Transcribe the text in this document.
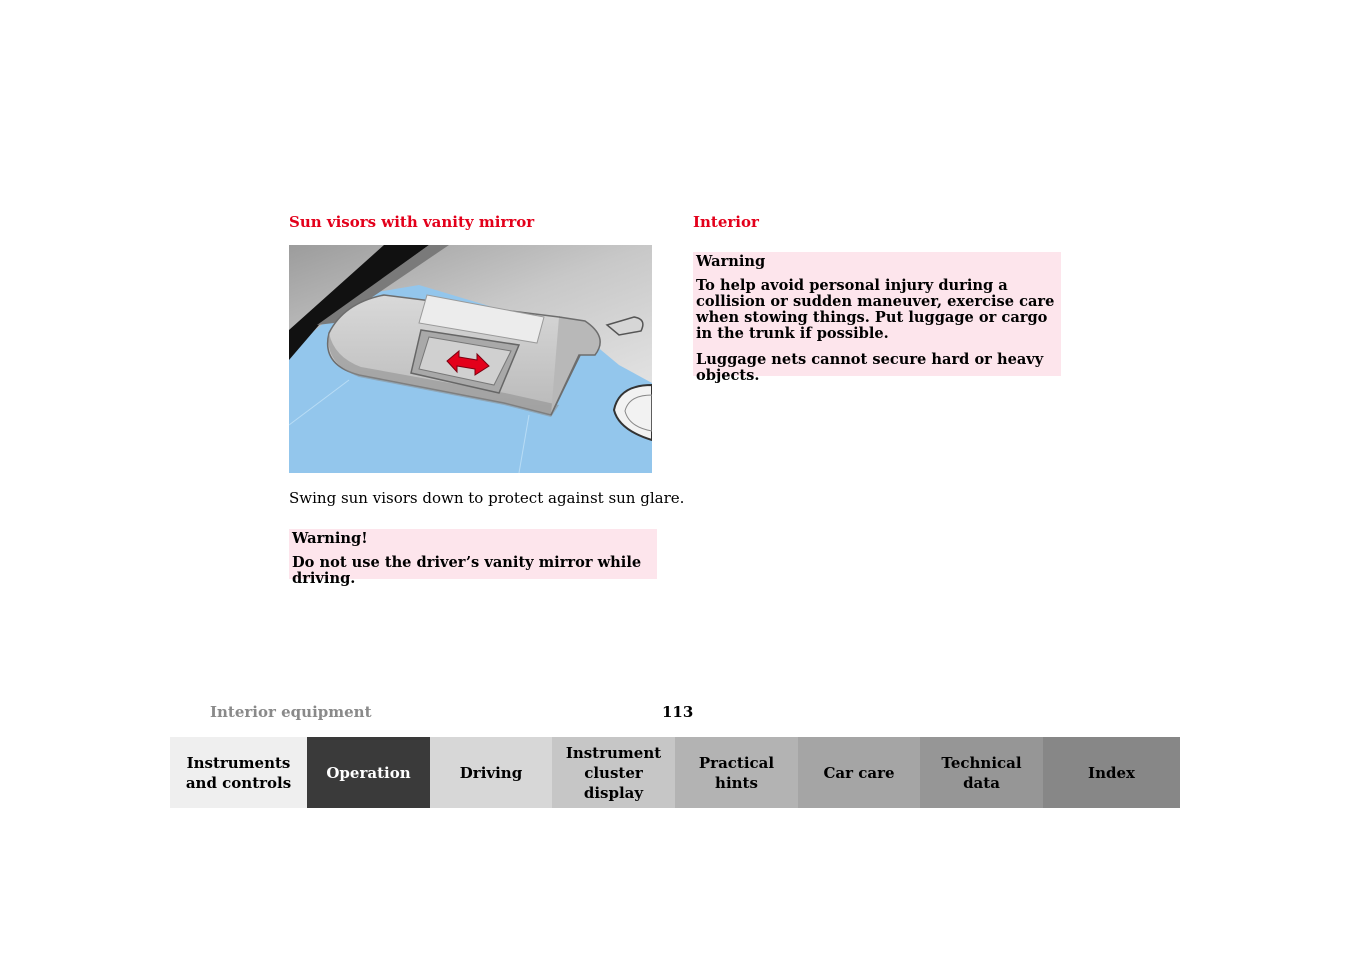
Sun visors with vanity mirror

Swing sun visors down to protect against sun glare.

Warning!

Do not use the driver’s vanity mirror while driving.

Interior

Warning

To help avoid personal injury during a collision or sudden maneuver, exercise care when stowing things. Put luggage or cargo in the trunk if possible.

Luggage nets cannot secure hard or heavy objects.

Interior equipment	113
Instruments
and controls
Operation	Driving
Instrument
cluster display
Practical hints
Car care
Technical
data
Index
